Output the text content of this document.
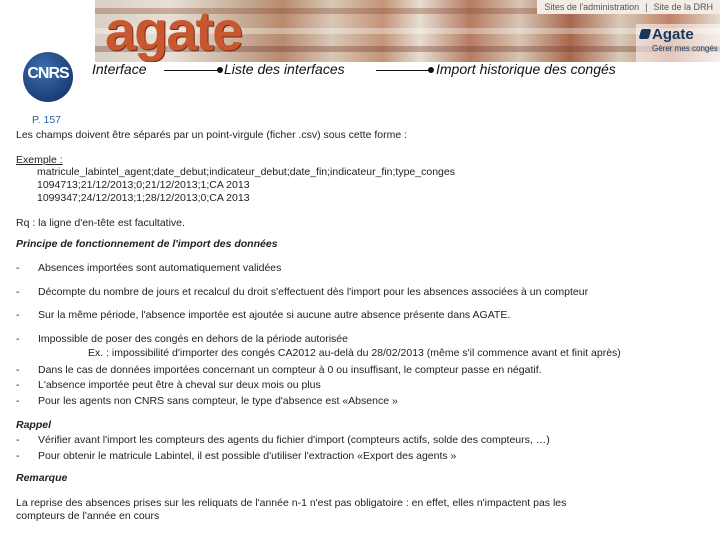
agate	Sites de l'administration | Site de la DRH
Agate
Gérer mes congés
CNRS	Interface	Liste des interfaces	Import historique des congés
P. 157
Les champs doivent être séparés par un point-virgule (ficher .csv) sous cette forme :
Exemple :
matricule_labintel_agent;date_debut;indicateur_debut;date_fin;indicateur_fin;type_conges
1094713;21/12/2013;0;21/12/2013;1;CA 2013
1099347;24/12/2013;1;28/12/2013;0;CA 2013
Rq : la ligne d'en-tête est facultative.
Principe de fonctionnement de l'import des données
- Absences importées sont automatiquement validées
- Décompte du nombre de jours et recalcul du droit s'effectuent dès l'import pour les absences associées à un compteur
- Sur la même période, l'absence importée est ajoutée si aucune autre absence présente dans AGATE.
- Impossible de poser des congés en dehors de la période autorisée
Ex. : impossibilité d'importer des congés CA2012 au-delà du 28/02/2013 (même s'il commence avant et finit après)
- Dans le cas de données importées concernant un compteur à 0 ou insuffisant, le compteur passe en négatif.
- L'absence importée peut être à cheval sur deux mois ou plus
- Pour les agents non CNRS sans compteur, le type d'absence est «Absence »
Rappel
- Vérifier avant l'import les compteurs des agents du fichier d'import (compteurs actifs, solde des compteurs, …)
- Pour obtenir le matricule Labintel, il est possible d'utiliser l'extraction «Export des agents »
Remarque
La reprise des absences prises sur les reliquats de l'année n-1 n'est pas obligatoire : en effet, elles n'impactent pas les
compteurs de l'année en cours
